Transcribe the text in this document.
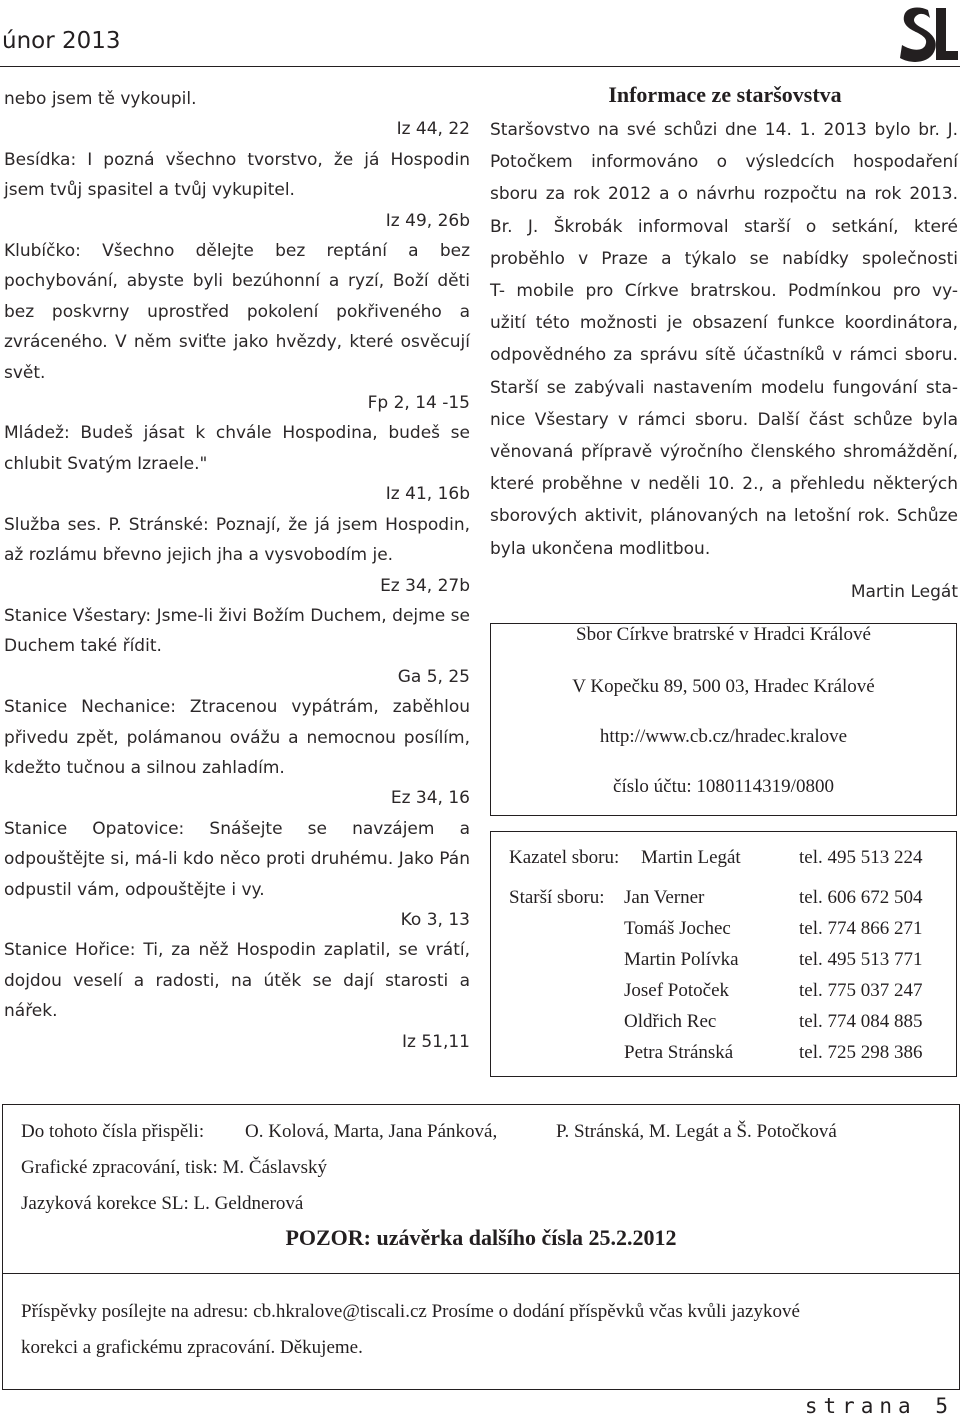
únor 2013

nebo jsem tě vykoupil.

Iz 44, 22

Besídka: I pozná všechno tvorstvo, že já Hospodin jsem tvůj spasitel a tvůj vykupitel.

Iz 49, 26b

Klubíčko: Všechno dělejte bez reptání a bez pochybování, abyste byli bezúhonní a ryzí, Boží děti bez poskvrny uprostřed pokolení pokřiveného a zvráceného. V něm sviťte jako hvězdy, které osvěcují svět.

Fp 2, 14 -15

Mládež: Budeš jásat k chvále Hospodina, budeš se chlubit Svatým Izraele."

Iz 41, 16b

Služba ses. P. Stránské: Poznají, že já jsem Hospodin, až rozlámu břevno jejich jha a vysvobodím je.

Ez 34, 27b

Stanice Všestary: Jsme-li živi Božím Duchem, dejme se Duchem také řídit.

Ga 5, 25

Stanice Nechanice: Ztracenou vypátrám, zaběhlou přivedu zpět, polámanou ovážu a nemocnou posílím, kdežto tučnou a silnou zahladím.

Ez 34, 16

Stanice Opatovice: Snášejte se navzájem a odpouštějte si, má-li kdo něco proti druhému. Jako Pán odpustil vám, odpouštějte i vy.

Ko 3, 13

Stanice Hořice: Ti, za něž Hospodin zaplatil, se vrátí, dojdou veselí a radosti, na útěk se dají starosti a nářek.

Iz 51,11

Informace ze staršovstva

Staršovstvo na své schůzi dne 14. 1. 2013 bylo br. J.

Potočkem informováno o výsledcích hospodaření

sboru za rok 2012 a o návrhu rozpočtu na rok 2013.

Br. J. Škrobák informoval starší o setkání, které

proběhlo v Praze a týkalo se nabídky společnosti

T- mobile pro Církve bratrskou. Podmínkou pro vy-

užití této možnosti je obsazení funkce koordinátora,

odpovědného za správu sítě účastníků v rámci sboru.

Starší se zabývali nastavením modelu fungování sta-

nice Všestary v rámci sboru. Další část schůze byla

věnovaná přípravě výročního členského shromáždění,

které proběhne v neděli 10. 2., a přehledu některých

sborových aktivit, plánovaných na letošní rok. Schůze

byla ukončena modlitbou.

Martin Legát
Sbor Církve bratrské v Hradci Králové
V Kopečku 89, 500 03, Hradec Králové
http://www.cb.cz/hradec.kralove
číslo účtu: 1080114319/0800
Kazatel sboru: Martin Legát	tel. 495 513 224
Starší sboru: Jan Verner	tel. 606 672 504
Tomáš Jochec	tel. 774 866 271
Martin Polívka	tel. 495 513 771
Josef Potoček	tel. 775 037 247
Oldřich Rec	tel. 774 084 885
Petra Stránská	tel. 725 298 386
Do tohoto čísla přispěli: O. Kolová, Marta, Jana Pánková,	P. Stránská, M. Legát a Š. Potočková
Grafické zpracování, tisk: M. Čáslavský
Jazyková korekce SL: L. Geldnerová
POZOR: uzávěrka dalšího čísla 25.2.2012
Příspěvky posílejte na adresu: cb.hkralove@tiscali.cz Prosíme o dodání příspěvků včas kvůli jazykové
korekci a grafickému zpracování. Děkujeme.
strana 5
